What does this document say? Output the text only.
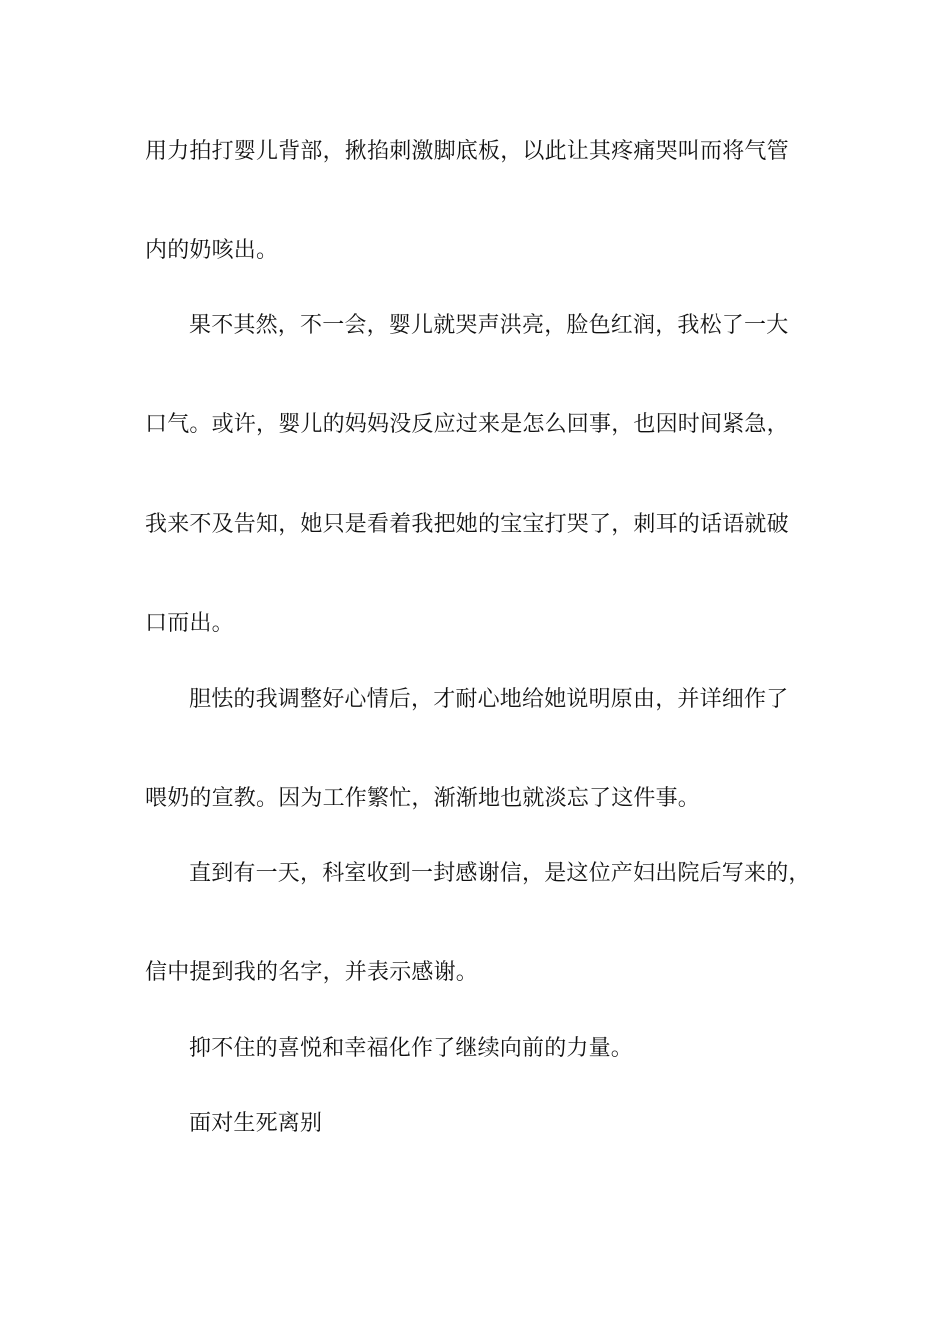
用力拍打婴儿背部，揪掐刺激脚底板，以此让其疼痛哭叫而将气管
内的奶咳出。
果不其然，不一会，婴儿就哭声洪亮，脸色红润，我松了一大
口气。或许，婴儿的妈妈没反应过来是怎么回事，也因时间紧急，
我来不及告知，她只是看着我把她的宝宝打哭了，刺耳的话语就破
口而出。
胆怯的我调整好心情后，才耐心地给她说明原由，并详细作了
喂奶的宣教。因为工作繁忙，渐渐地也就淡忘了这件事。
直到有一天，科室收到一封感谢信，是这位产妇出院后写来的，
信中提到我的名字，并表示感谢。
抑不住的喜悦和幸福化作了继续向前的力量。
面对生死离别
